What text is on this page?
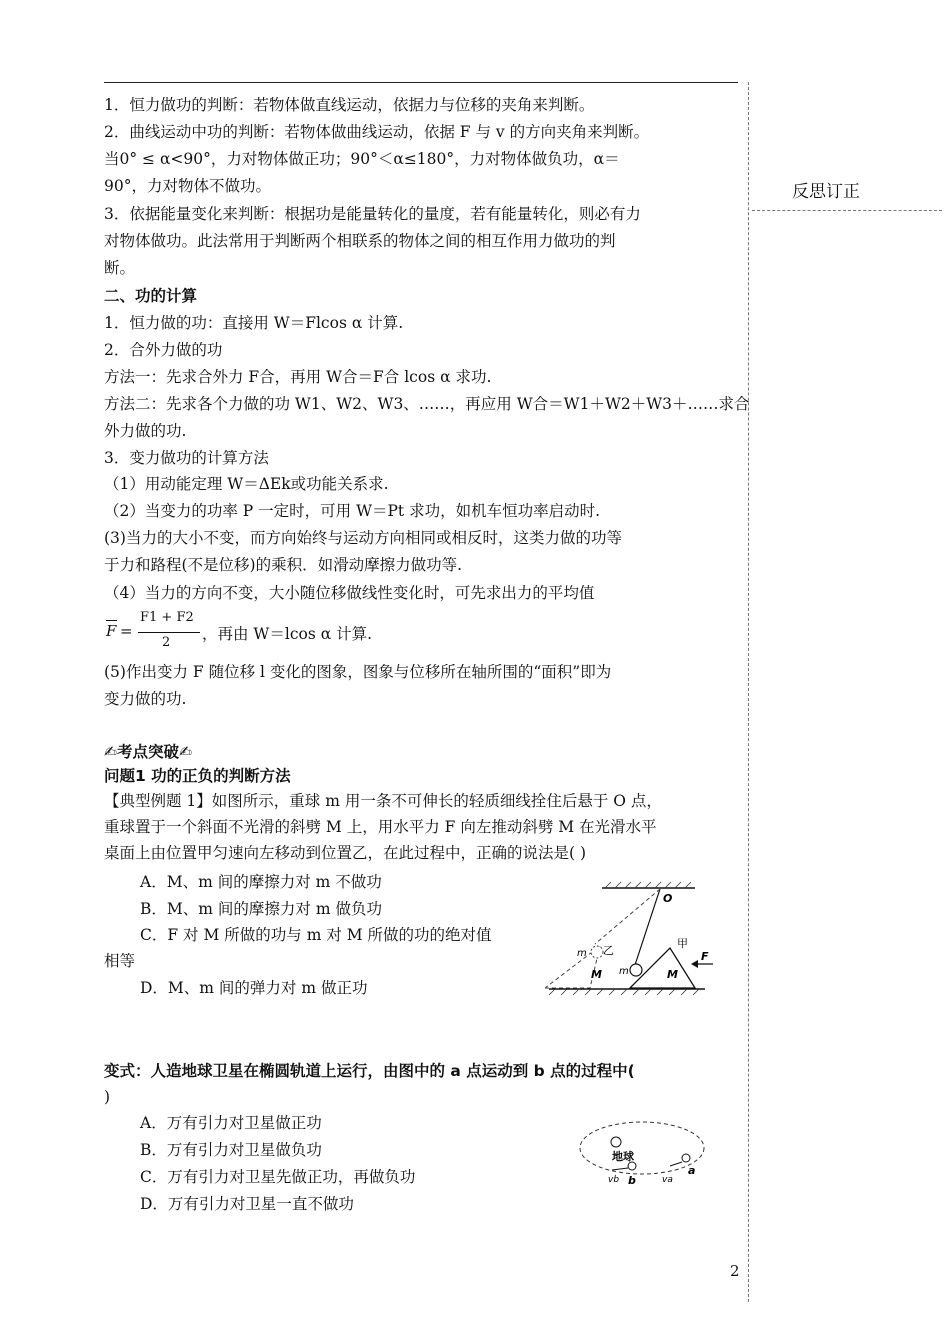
反思订正
1．恒力做功的判断：若物体做直线运动，依据力与位移的夹角来判断。
2．曲线运动中功的判断：若物体做曲线运动，依据 F 与 v 的方向夹角来判断。
当0° ≤ α<90°，力对物体做正功；90°＜α≤180°，力对物体做负功，α＝
90°，力对物体不做功。
3．依据能量变化来判断：根据功是能量转化的量度，若有能量转化，则必有力
对物体做功。此法常用于判断两个相联系的物体之间的相互作用力做功的判
断。
二、功的计算
1．恒力做的功：直接用 W＝Flcos α 计算.
2．合外力做的功
方法一：先求合外力 F合，再用 W合＝F合 lcos α 求功.
方法二：先求各个力做的功 W1、W2、W3、……，再应用 W合＝W1＋W2＋W3＋……求合
外力做的功.
3．变力做功的计算方法
（1）用动能定理 W＝ΔEk或功能关系求.
（2）当变力的功率 P 一定时，可用 W＝Pt 求功，如机车恒功率启动时.
(3)当力的大小不变，而方向始终与运动方向相同或相反时，这类力做的功等
于力和路程(不是位移)的乘积．如滑动摩擦力做功等.
（4）当力的方向不变，大小随位移做线性变化时，可先求出力的平均值
F =
F1 + F2
2 ，再由 W＝lcos α 计算.
(5)作出变力 F 随位移 l 变化的图象，图象与位移所在轴所围的“面积”即为
变力做的功.
✍考点突破✍
问题1 功的正负的判断方法
【典型例题 1】如图所示，重球 m 用一条不可伸长的轻质细线拴住后悬于 O 点，
重球置于一个斜面不光滑的斜劈 M 上，用水平力 F 向左推动斜劈 M 在光滑水平
桌面上由位置甲匀速向左移动到位置乙，在此过程中，正确的说法是( )
A．M、m 间的摩擦力对 m 不做功
B．M、m 间的摩擦力对 m 做负功
C．F 对 M 所做的功与 m 对 M 所做的功的绝对值
相等
D．M、m 间的弹力对 m 做正功
O
m 乙
M m
甲
M
F
变式：人造地球卫星在椭圆轨道上运行，由图中的 a 点运动到 b 点的过程中(
)
A．万有引力对卫星做正功
B．万有引力对卫星做负功
C．万有引力对卫星先做正功，再做负功
D．万有引力对卫星一直不做功
地球
a
b
vb	va
2
